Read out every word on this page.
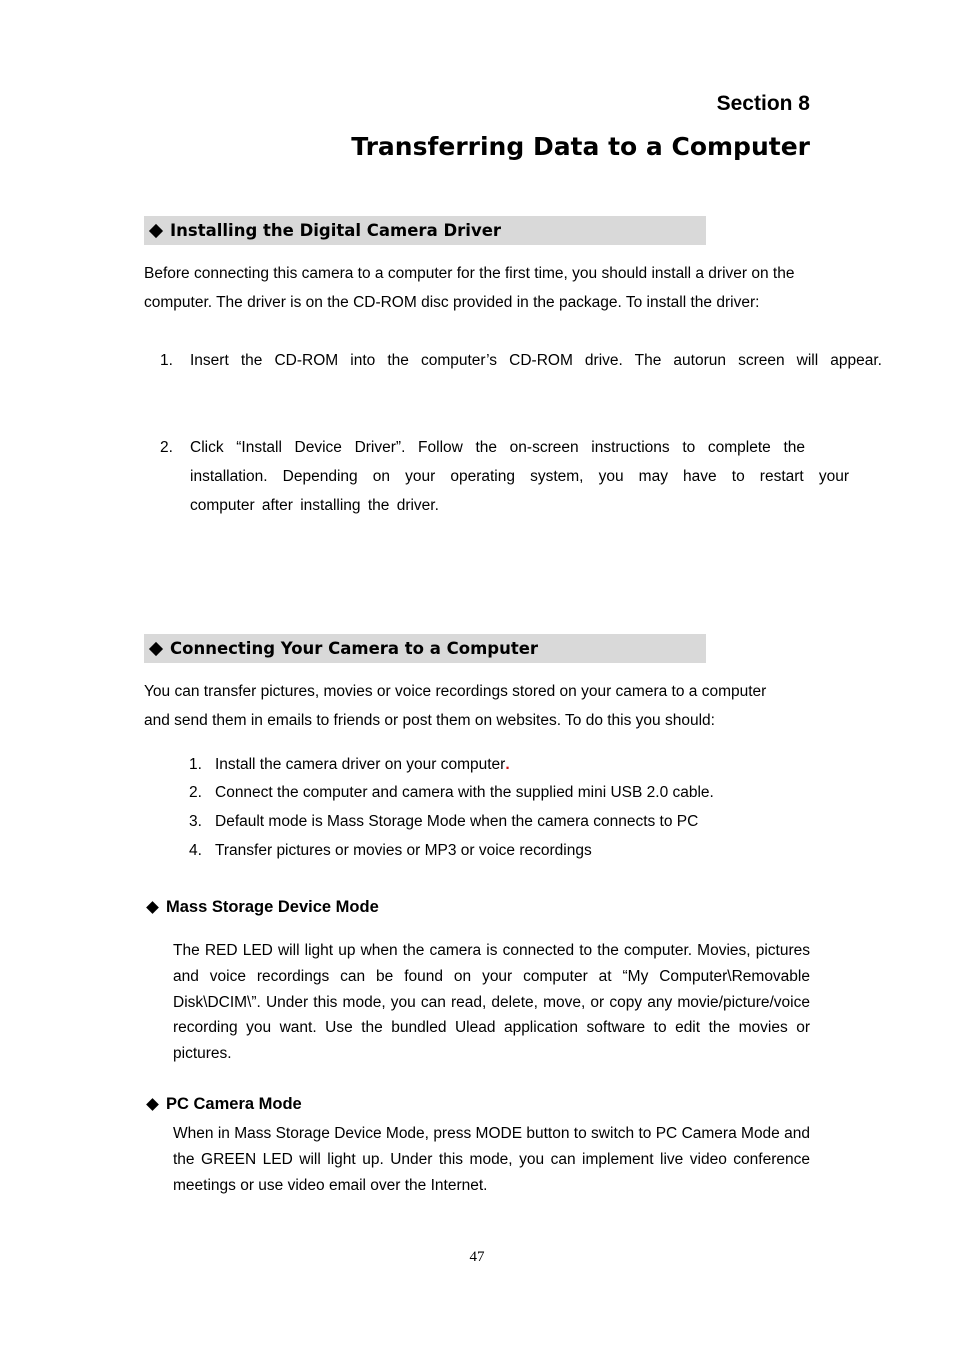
Section 8
Transferring Data to a Computer
Installing the Digital Camera Driver
Before connecting this camera to a computer for the first time, you should install a driver on the
computer. The driver is on the CD-ROM disc provided in the package. To install the driver:
1. Insert the CD-ROM into the computer’s CD-ROM drive. The autorun screen will appear.
2. Click “Install Device Driver”. Follow the on-screen instructions to complete the
installation. Depending on your operating system, you may have to restart your
computer after installing the driver.
Connecting Your Camera to a Computer
You can transfer pictures, movies or voice recordings stored on your camera to a computer
and send them in emails to friends or post them on websites. To do this you should:
1. Install the camera driver on your computer.
2. Connect the computer and camera with the supplied mini USB 2.0 cable.
3. Default mode is Mass Storage Mode when the camera connects to PC
4. Transfer pictures or movies or MP3 or voice recordings
Mass Storage Device Mode
The RED LED will light up when the camera is connected to the computer. Movies, pictures and voice recordings can be found on your computer at “My Computer\Removable Disk\DCIM\”. Under this mode, you can read, delete, move, or copy any movie/picture/voice recording you want. Use the bundled Ulead application software to edit the movies or pictures.
PC Camera Mode
When in Mass Storage Device Mode, press MODE button to switch to PC Camera Mode and the GREEN LED will light up. Under this mode, you can implement live video conference meetings or use video email over the Internet.
47
